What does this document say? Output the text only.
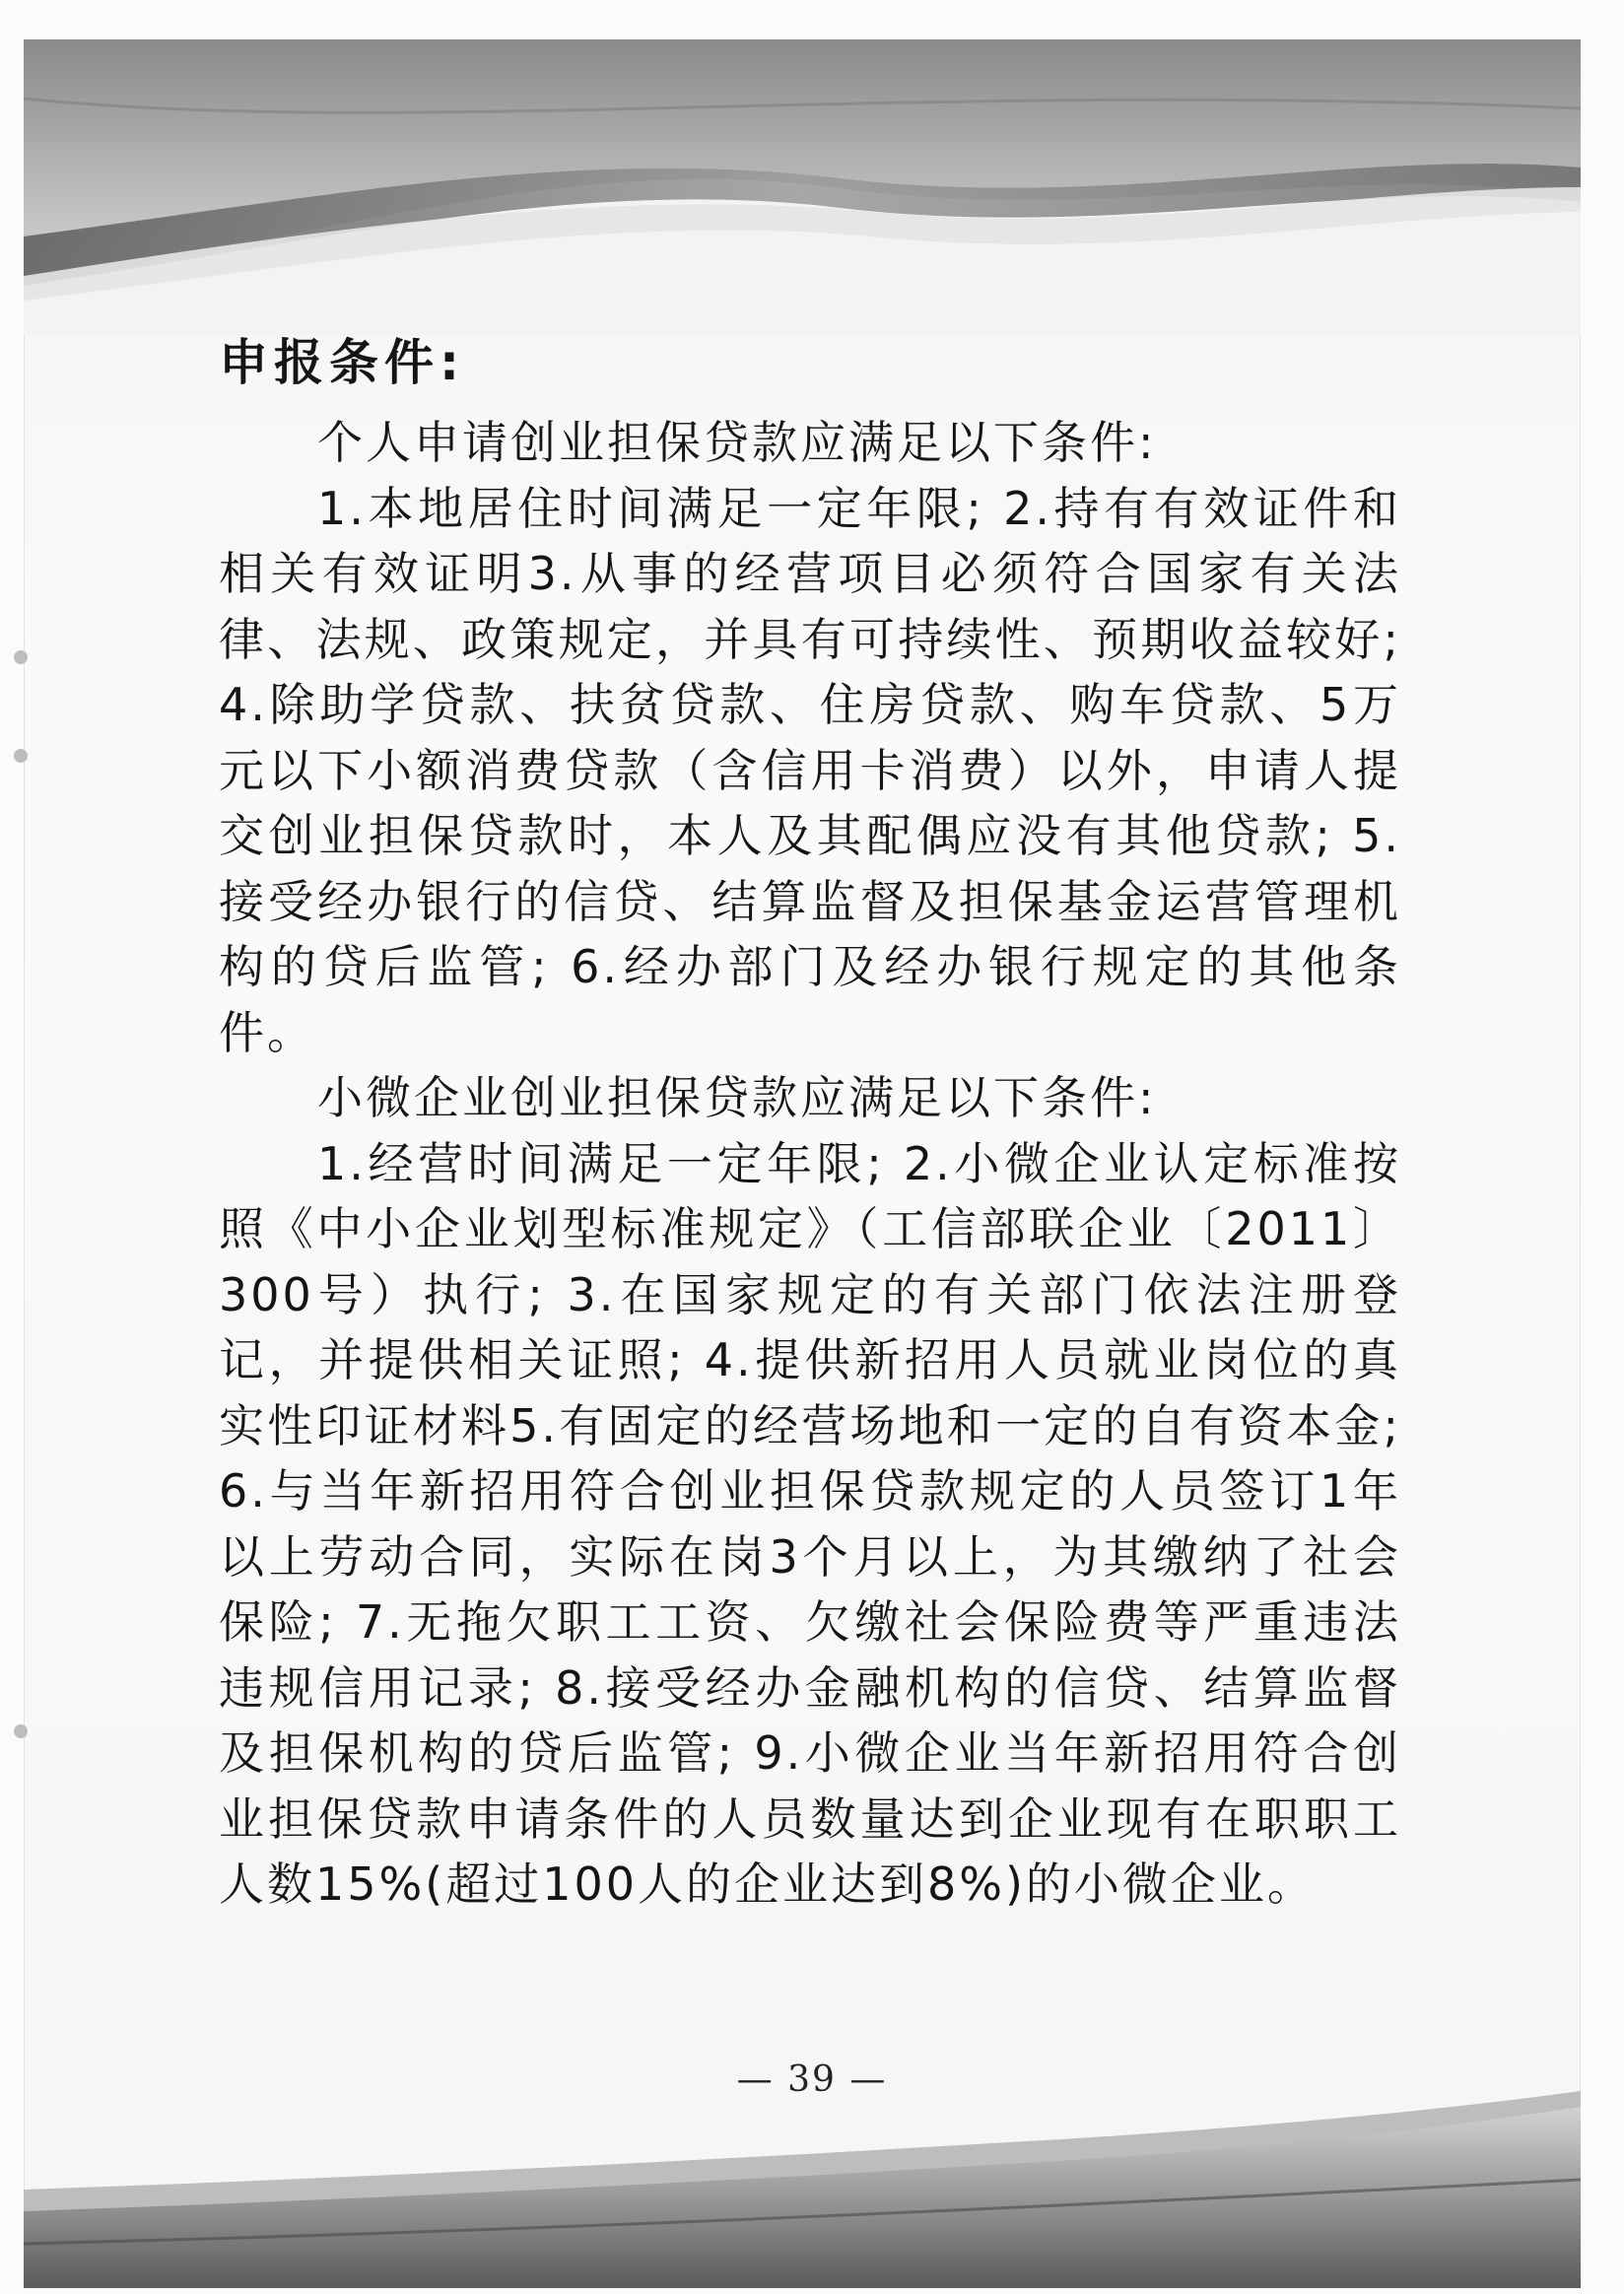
申报条件:

个人申请创业担保贷款应满足以下条件:

1.本地居住时间满足一定年限; 2.持有有效证件和相关有效证明3.从事的经营项目必须符合国家有关法律、法规、政策规定，并具有可持续性、预期收益较好; 4.除助学贷款、扶贫贷款、住房贷款、购车贷款、5万元以下小额消费贷款（含信用卡消费）以外，申请人提交创业担保贷款时，本人及其配偶应没有其他贷款; 5.接受经办银行的信贷、结算监督及担保基金运营管理机构的贷后监管; 6.经办部门及经办银行规定的其他条件。

小微企业创业担保贷款应满足以下条件:

1.经营时间满足一定年限; 2.小微企业认定标准按照《中小企业划型标准规定》（工信部联企业〔2011〕300号）执行; 3.在国家规定的有关部门依法注册登记，并提供相关证照; 4.提供新招用人员就业岗位的真实性印证材料5.有固定的经营场地和一定的自有资本金; 6.与当年新招用符合创业担保贷款规定的人员签订1年以上劳动合同，实际在岗3个月以上，为其缴纳了社会保险; 7.无拖欠职工工资、欠缴社会保险费等严重违法违规信用记录; 8.接受经办金融机构的信贷、结算监督及担保机构的贷后监管; 9.小微企业当年新招用符合创业担保贷款申请条件的人员数量达到企业现有在职职工人数15%(超过100人的企业达到8%)的小微企业。

— 39 —
